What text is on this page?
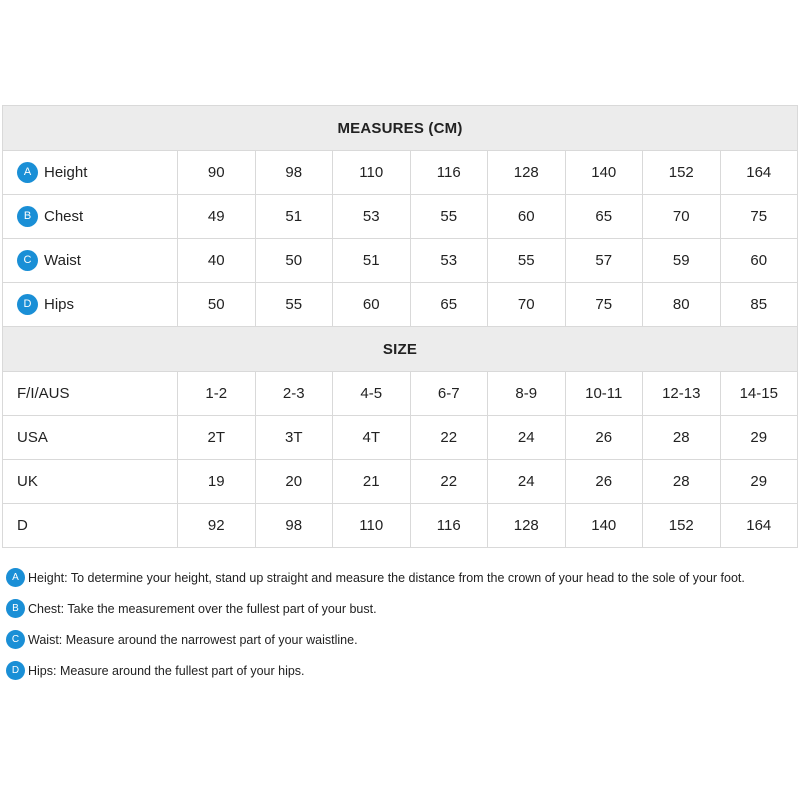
MEASURES (CM)								
A Height	90	98	110	116	128	140	152	164
B Chest	49	51	53	55	60	65	70	75
C Waist	40	50	51	53	55	57	59	60
D Hips	50	55	60	65	70	75	80	85
SIZE								
F/I/AUS	1-2	2-3	4-5	6-7	8-9	10-11	12-13	14-15
USA	2T	3T	4T	22	24	26	28	29
UK	19	20	21	22	24	26	28	29
D	92	98	110	116	128	140	152	164
A Height: To determine your height, stand up straight and measure the distance from the crown of your head to the sole of your foot.
B Chest: Take the measurement over the fullest part of your bust.
C Waist: Measure around the narrowest part of your waistline.
D Hips: Measure around the fullest part of your hips.
